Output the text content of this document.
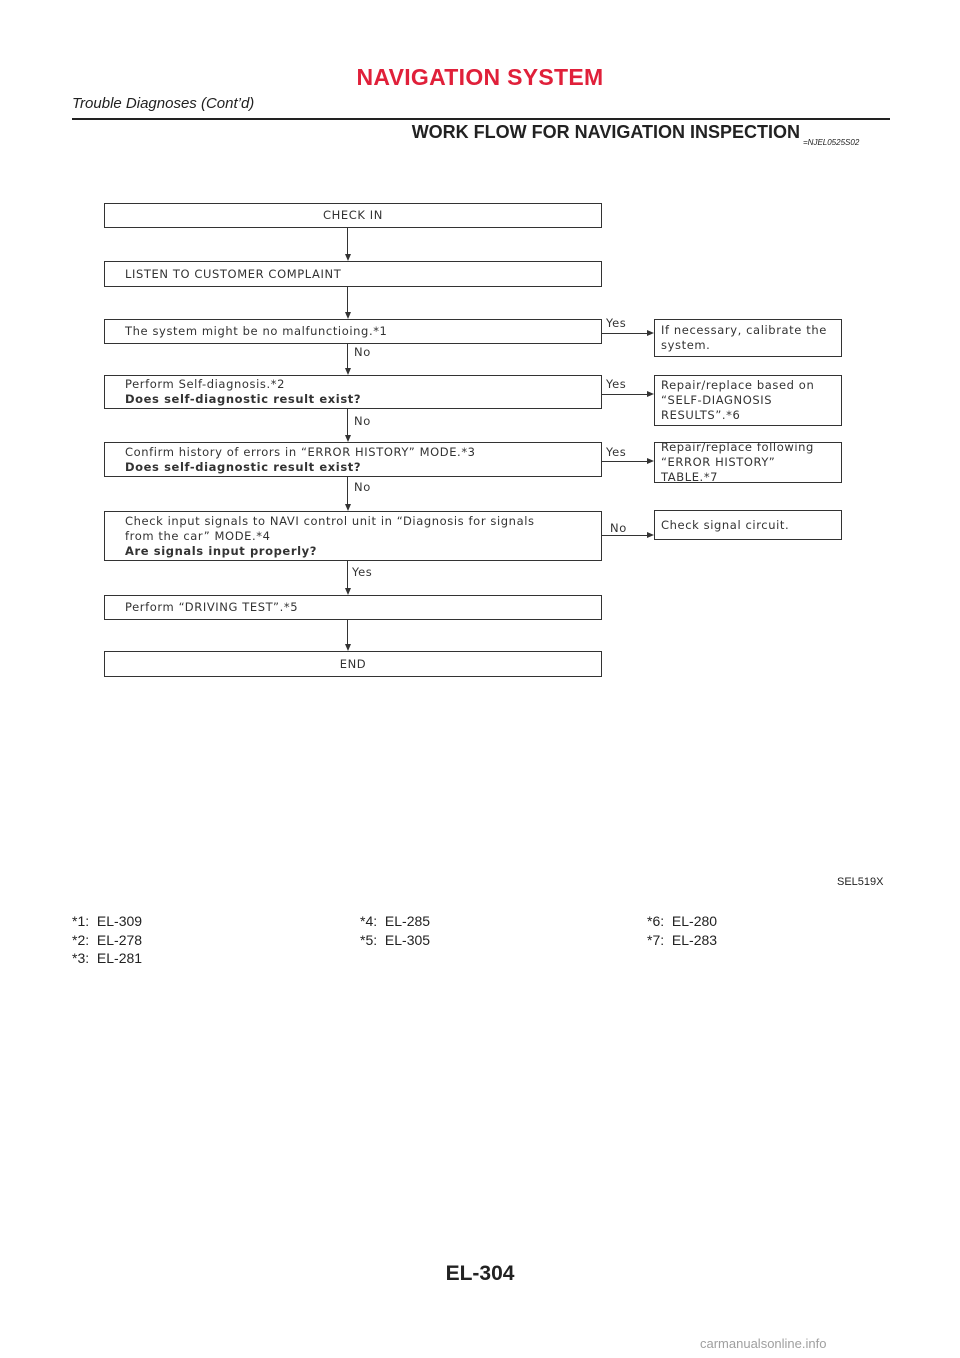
NAVIGATION SYSTEM
Trouble Diagnoses (Cont’d)
WORK FLOW FOR NAVIGATION INSPECTION
=NJEL0525S02
CHECK IN
LISTEN TO CUSTOMER COMPLAINT
The system might be no malfunctioing.*1
Yes	If necessary, calibrate the system.
No
Perform Self-diagnosis.*2
Does self-diagnostic result exist?
Yes	Repair/replace based on “SELF-DIAGNOSIS RESULTS”.*6
No
Confirm history of errors in “ERROR HISTORY” MODE.*3
Does self-diagnostic result exist?
Yes	Repair/replace following “ERROR HISTORY” TABLE.*7
No
Check input signals to NAVI control unit in “Diagnosis for signals
from the car” MODE.*4
Are signals input properly?
No	Check signal circuit.
Yes
Perform “DRIVING TEST”.*5
END
SEL519X
*1:  EL-309
*2:  EL-278
*3:  EL-281
*4:  EL-285
*5:  EL-305
*6:  EL-280
*7:  EL-283
EL-304
carmanualsonline.info
